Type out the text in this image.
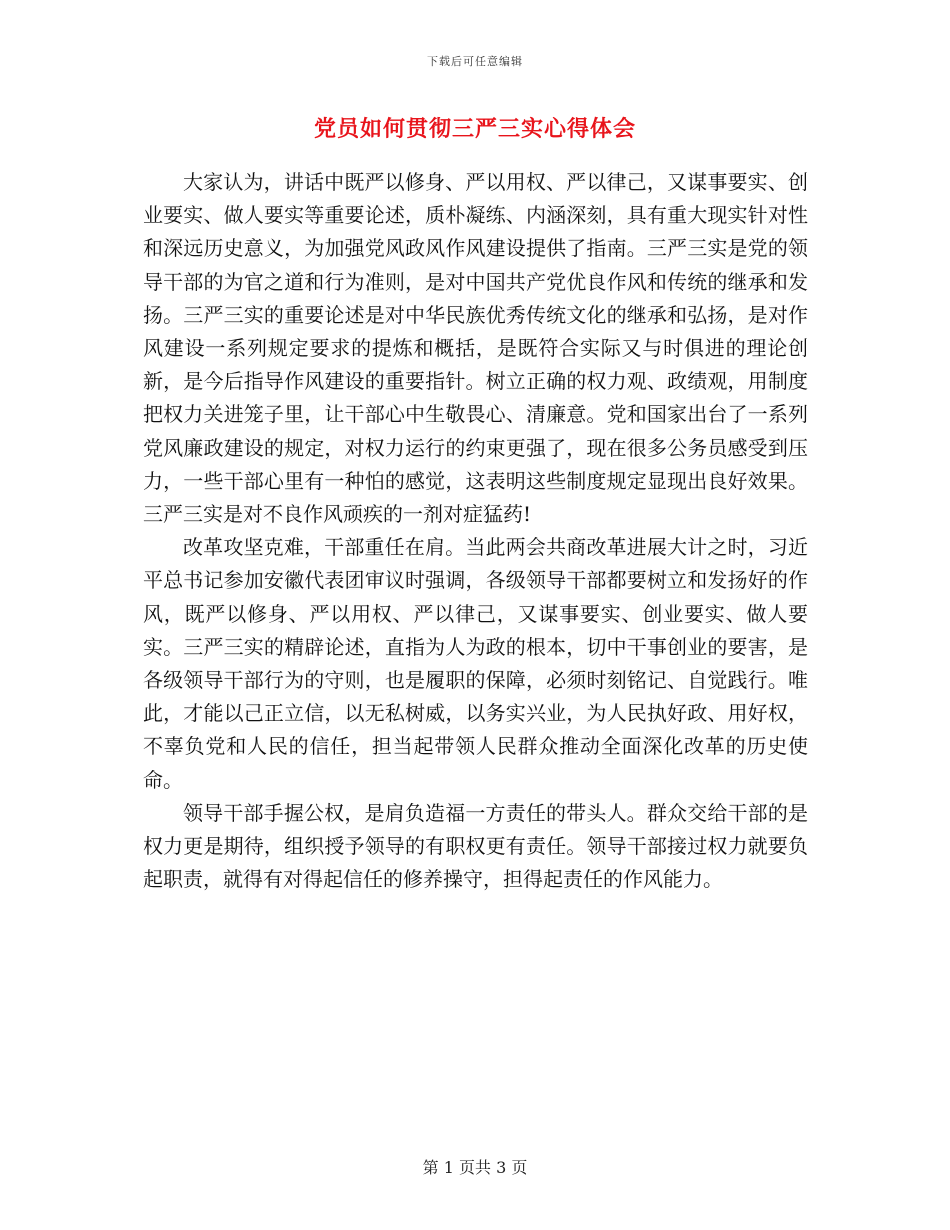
下载后可任意编辑
党员如何贯彻三严三实心得体会

大家认为，讲话中既严以修身、严以用权、严以律己，又谋事要实、创业要实、做人要实等重要论述，质朴凝练、内涵深刻，具有重大现实针对性和深远历史意义，为加强党风政风作风建设提供了指南。三严三实是党的领导干部的为官之道和行为准则，是对中国共产党优良作风和传统的继承和发扬。三严三实的重要论述是对中华民族优秀传统文化的继承和弘扬，是对作风建设一系列规定要求的提炼和概括，是既符合实际又与时俱进的理论创新，是今后指导作风建设的重要指针。树立正确的权力观、政绩观，用制度把权力关进笼子里，让干部心中生敬畏心、清廉意。党和国家出台了一系列党风廉政建设的规定，对权力运行的约束更强了，现在很多公务员感受到压力，一些干部心里有一种怕的感觉，这表明这些制度规定显现出良好效果。三严三实是对不良作风顽疾的一剂对症猛药!

改革攻坚克难，干部重任在肩。当此两会共商改革进展大计之时，习近平总书记参加安徽代表团审议时强调，各级领导干部都要树立和发扬好的作风，既严以修身、严以用权、严以律己，又谋事要实、创业要实、做人要实。三严三实的精辟论述，直指为人为政的根本，切中干事创业的要害，是各级领导干部行为的守则，也是履职的保障，必须时刻铭记、自觉践行。唯此，才能以己正立信，以无私树威，以务实兴业，为人民执好政、用好权，不辜负党和人民的信任，担当起带领人民群众推动全面深化改革的历史使命。

领导干部手握公权，是肩负造福一方责任的带头人。群众交给干部的是权力更是期待，组织授予领导的有职权更有责任。领导干部接过权力就要负起职责，就得有对得起信任的修养操守，担得起责任的作风能力。

第 1 页共 3 页
